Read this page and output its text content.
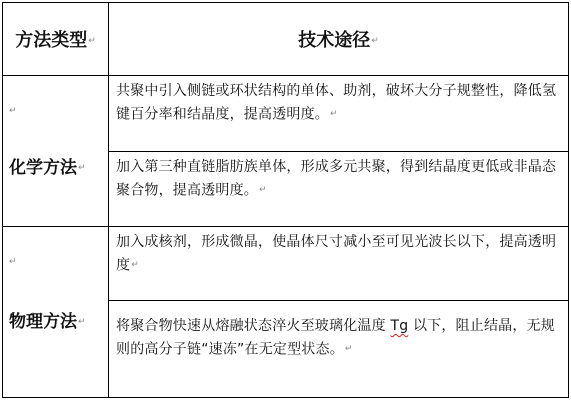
方法类型↵	技术途径↵

↵
化学方法↵	共聚中引入侧链或环状结构的单体、助剂，破坏大分子规整性，降低氢键百分率和结晶度，提高透明度。↵
	加入第三种直链脂肪族单体，形成多元共聚，得到结晶度更低或非晶态聚合物，提高透明度。↵

↵
物理方法↵	加入成核剂，形成微晶，使晶体尺寸减小至可见光波长以下，提高透明度↵
	将聚合物快速从熔融状态淬火至玻璃化温度 Tg 以下，阻止结晶，无规则的高分子链“速冻”在无定型状态。↵
